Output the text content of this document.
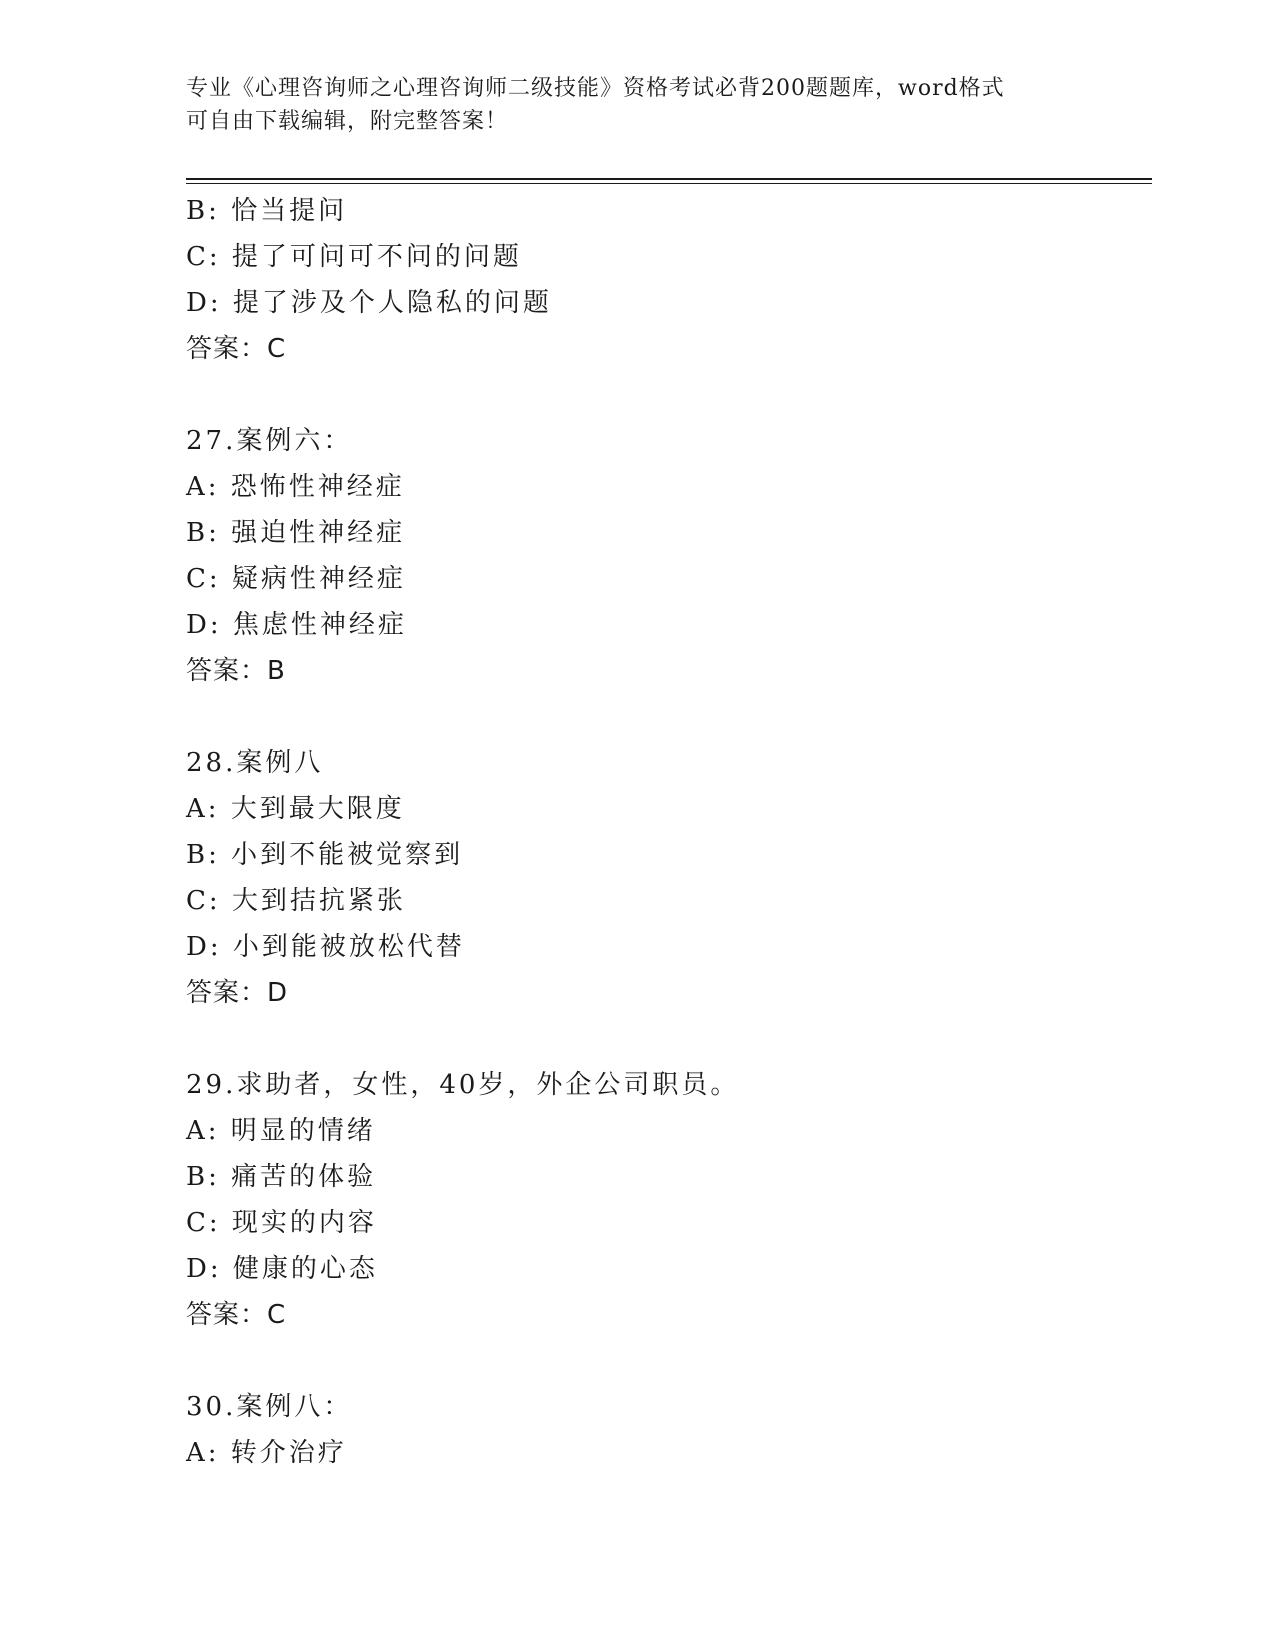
专业《心理咨询师之心理咨询师二级技能》资格考试必背200题题库，word格式
可自由下载编辑，附完整答案！
B: 恰当提问
C: 提了可问可不问的问题
D: 提了涉及个人隐私的问题
答案：C
27.案例六：
A: 恐怖性神经症
B: 强迫性神经症
C: 疑病性神经症
D: 焦虑性神经症
答案：B
28.案例八
A: 大到最大限度
B: 小到不能被觉察到
C: 大到拮抗紧张
D: 小到能被放松代替
答案：D
29.求助者，女性，40岁，外企公司职员。
A: 明显的情绪
B: 痛苦的体验
C: 现实的内容
D: 健康的心态
答案：C
30.案例八：
A: 转介治疗
